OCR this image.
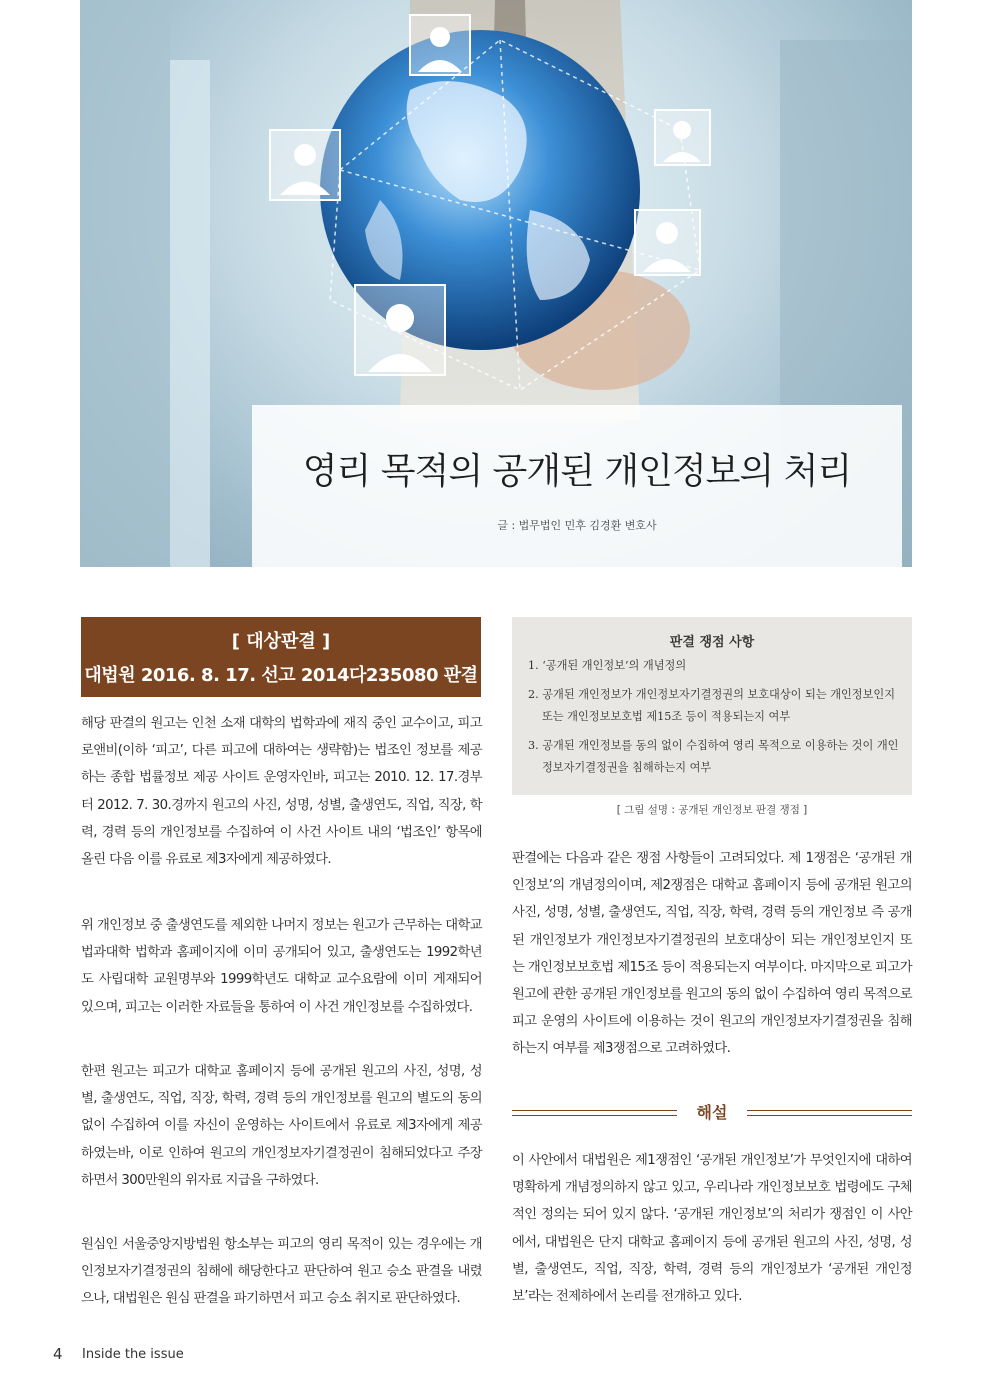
영리 목적의 공개된 개인정보의 처리
글 : 법무법인 민후 김경환 변호사
[ 대상판결 ]
대법원 2016. 8. 17. 선고 2014다235080 판결
해당 판결의 원고는 인천 소재 대학의 법학과에 재직 중인 교수이고, 피고 로앤비(이하 ‘피고’, 다른 피고에 대하여는 생략함)는 법조인 정보를 제공하는 종합 법률정보 제공 사이트 운영자인바, 피고는 2010. 12. 17.경부터 2012. 7. 30.경까지 원고의 사진, 성명, 성별, 출생연도, 직업, 직장, 학력, 경력 등의 개인정보를 수집하여 이 사건 사이트 내의 ‘법조인’ 항목에 올린 다음 이를 유료로 제3자에게 제공하였다.
위 개인정보 중 출생연도를 제외한 나머지 정보는 원고가 근무하는 대학교 법과대학 법학과 홈페이지에 이미 공개되어 있고, 출생연도는 1992학년도 사립대학 교원명부와 1999학년도 대학교 교수요람에 이미 게재되어 있으며, 피고는 이러한 자료들을 통하여 이 사건 개인정보를 수집하였다.
한편 원고는 피고가 대학교 홈페이지 등에 공개된 원고의 사진, 성명, 성별, 출생연도, 직업, 직장, 학력, 경력 등의 개인정보를 원고의 별도의 동의 없이 수집하여 이를 자신이 운영하는 사이트에서 유료로 제3자에게 제공하였는바, 이로 인하여 원고의 개인정보자기결정권이 침해되었다고 주장하면서 300만원의 위자료 지급을 구하였다.
원심인 서울중앙지방법원 항소부는 피고의 영리 목적이 있는 경우에는 개인정보자기결정권의 침해에 해당한다고 판단하여 원고 승소 판결을 내렸으나, 대법원은 원심 판결을 파기하면서 피고 승소 취지로 판단하였다.
판결 쟁점 사항
1. ‘공개된 개인정보’의 개념정의
2. 공개된 개인정보가 개인정보자기결정권의 보호대상이 되는 개인정보인지 또는 개인정보보호법 제15조 등이 적용되는지 여부
3. 공개된 개인정보를 동의 없이 수집하여 영리 목적으로 이용하는 것이 개인정보자기결정권을 침해하는지 여부
[ 그림 설명 : 공개된 개인정보 판결 쟁점 ]
판결에는 다음과 같은 쟁점 사항들이 고려되었다. 제 1쟁점은 ‘공개된 개인정보’의 개념정의이며, 제2쟁점은 대학교 홈페이지 등에 공개된 원고의 사진, 성명, 성별, 출생연도, 직업, 직장, 학력, 경력 등의 개인정보 즉 공개된 개인정보가 개인정보자기결정권의 보호대상이 되는 개인정보인지 또는 개인정보보호법 제15조 등이 적용되는지 여부이다. 마지막으로 피고가 원고에 관한 공개된 개인정보를 원고의 동의 없이 수집하여 영리 목적으로 피고 운영의 사이트에 이용하는 것이 원고의 개인정보자기결정권을 침해하는지 여부를 제3쟁점으로 고려하였다.
해설
이 사안에서 대법원은 제1쟁점인 ‘공개된 개인정보’가 무엇인지에 대하여 명확하게 개념정의하지 않고 있고, 우리나라 개인정보보호 법령에도 구체적인 정의는 되어 있지 않다. ‘공개된 개인정보’의 처리가 쟁점인 이 사안에서, 대법원은 단지 대학교 홈페이지 등에 공개된 원고의 사진, 성명, 성별, 출생연도, 직업, 직장, 학력, 경력 등의 개인정보가 ‘공개된 개인정보’라는 전제하에서 논리를 전개하고 있다.
4 Inside the issue
